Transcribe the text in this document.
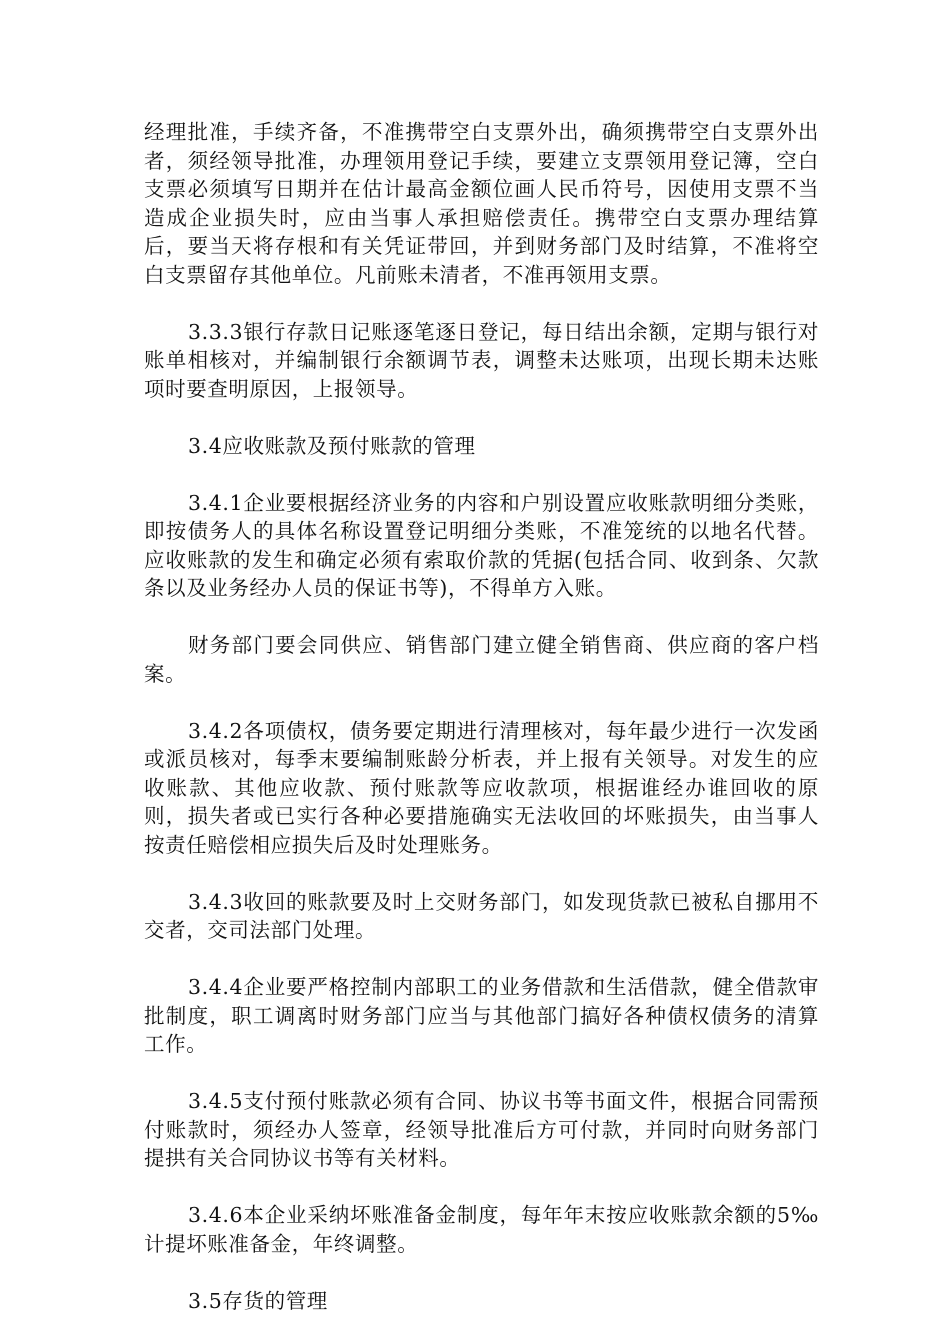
经理批准，手续齐备，不准携带空白支票外出，确须携带空白支票外出者，须经领导批准，办理领用登记手续，要建立支票领用登记簿，空白支票必须填写日期并在估计最高金额位画人民币符号，因使用支票不当造成企业损失时，应由当事人承担赔偿责任。携带空白支票办理结算后，要当天将存根和有关凭证带回，并到财务部门及时结算，不准将空白支票留存其他单位。凡前账未清者，不准再领用支票。

3.3.3银行存款日记账逐笔逐日登记，每日结出余额，定期与银行对账单相核对，并编制银行余额调节表，调整未达账项，出现长期未达账项时要查明原因，上报领导。

3.4应收账款及预付账款的管理

3.4.1企业要根据经济业务的内容和户别设置应收账款明细分类账，即按债务人的具体名称设置登记明细分类账，不准笼统的以地名代替。应收账款的发生和确定必须有索取价款的凭据(包括合同、收到条、欠款条以及业务经办人员的保证书等)，不得单方入账。

财务部门要会同供应、销售部门建立健全销售商、供应商的客户档案。

3.4.2各项债权，债务要定期进行清理核对，每年最少进行一次发函或派员核对，每季末要编制账龄分析表，并上报有关领导。对发生的应收账款、其他应收款、预付账款等应收款项，根据谁经办谁回收的原则，损失者或已实行各种必要措施确实无法收回的坏账损失，由当事人按责任赔偿相应损失后及时处理账务。

3.4.3收回的账款要及时上交财务部门，如发现货款已被私自挪用不交者，交司法部门处理。

3.4.4企业要严格控制内部职工的业务借款和生活借款，健全借款审批制度，职工调离时财务部门应当与其他部门搞好各种债权债务的清算工作。

3.4.5支付预付账款必须有合同、协议书等书面文件，根据合同需预付账款时，须经办人签章，经领导批准后方可付款，并同时向财务部门提拱有关合同协议书等有关材料。

3.4.6本企业采纳坏账准备金制度，每年年末按应收账款余额的5‰计提坏账准备金，年终调整。

3.5存货的管理
